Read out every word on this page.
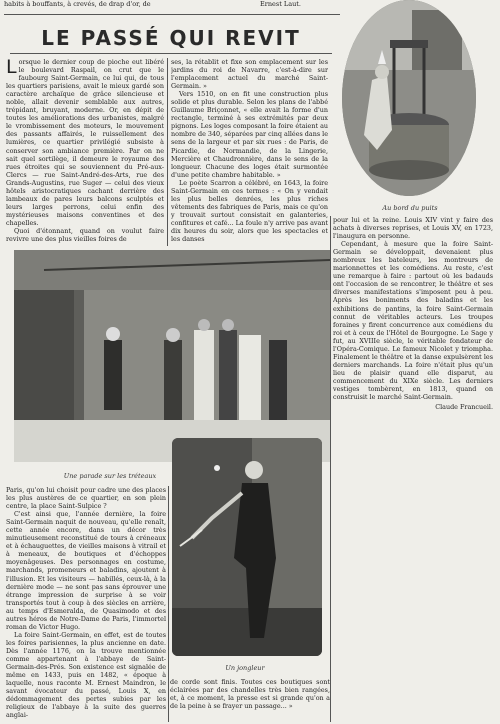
habits à bouffants, à crevés, de drap d'or, de	Ernest Laut.
LE PASSÉ QUI REVIT

Lorsque le dernier coup de pioche eut libéré le boulevard Raspail, on crut que le faubourg Saint-Germain, ce lui qui, de tous les quartiers parisiens, avait le mieux gardé son caractère archaïque de grâce silencieuse et noble, allait devenir semblable aux autres, trépidant, bruyant, moderne. Or, en dépit de toutes les améliorations des urbanistes, malgré le vrombissement des moteurs, le mouvement des passants affairés, le ruissellement des lumières, ce quartier privilégié subsiste à conserver son ambiance première. Par on ne sait quel sortilège, il demeure le royaume des rues étroites qui se souviennent du Pré-aux-Clercs — rue Saint-André-des-Arts, rue des Grands-Augustins, rue Suger — celui des vieux hôtels aristocratiques cachant derrière des lambeaux de pares leurs balcons sculptés et leurs larges perrons, celui enfin des mystérieuses maisons conventines et des chapelles.

Quoi d'étonnant, quand on voulut faire revivre une des plus vieilles foires de

ses, la rétablit et fixe son emplacement sur les jardins du roi de Navarre, c'est-à-dire sur l'emplacement actuel du marché Saint-Germain. »

Vers 1510, on en fit une construction plus solide et plus durable. Selon les plans de l'abbé Guillaume Briçonnet, « elle avait la forme d'un rectangle, terminé à ses extrémités par deux pignons. Les loges composant la foire étaient au nombre de 340, séparées par cinq allées dans le sens de la largeur et par six rues : de Paris, de Picardie, de Normandie, de la Lingerie, Mercière et Chaudronnière, dans le sens de la longueur. Chacune des loges était surmontée d'une petite chambre habitable. »

Le poète Scarron a célébré, en 1643, la foire Saint-Germain en ces termes : « On y vendait les plus belles denrées, les plus riches vêtements des fabriques de Paris, mais ce qu'on y trouvait surtout consistait en galanteries, confitures et café... La foule n'y arrive pas avant dix heures du soir, alors que les spectacles et les danses

Au bord du puits

pour lui et la reine. Louis XIV vint y faire des achats à diverses reprises, et Louis XV, en 1723, l'inaugura en personne.

Cependant, à mesure que la foire Saint-Germain se développait, devenaient plus nombreux les bateleurs, les montreurs de marionnettes et les comédiens. Au reste, c'est une remarque à faire : partout où les badauds ont l'occasion de se rencontrer, le théâtre et ses diverses manifestations s'imposent peu à peu. Après les boniments des baladins et les exhibitions de pantins, la foire Saint-Germain connut de véritables acteurs. Les troupes foraines y firent concurrence aux comédiens du roi et à ceux de l'Hôtel de Bourgogne. Le Sage y fut, au XVIIIe siècle, le véritable fondateur de l'Opéra-Comique. Le fameux Nicolet y triompha. Finalement le théâtre et la danse expulsèrent les derniers marchands. La foire n'était plus qu'un lieu de plaisir quand elle disparut, au commencement du XIXe siècle. Les derniers vestiges tombèrent, en 1813, quand on construisit le marché Saint-Germain.

Claude Francueil.
Une parade sur les tréteaux

Paris, qu'on lui choisit pour cadre une des places les plus austères de ce quartier, en son plein centre, la place Saint-Sulpice ?

C'est ainsi que, l'année dernière, la foire Saint-Germain naquit de nouveau, qu'elle renaît, cette année encore, dans un décor très minutieusement reconstitué de tours à créneaux et à échauguettes, de vieilles maisons à vitrail et à meneaux, de boutiques et d'échoppes moyenâgeuses. Des personnages en costume, marchands, promeneurs et baladins, ajoutent à l'illusion. Et les visiteurs — habillés, ceux-là, à la dernière mode — ne sont pas sans éprouver une étrange impression de surprise à se voir transportés tout à coup à des siècles en arrière, au temps d'Esmeralda, de Quasimodo et des autres héros de Notre-Dame de Paris, l'immortel roman de Victor Hugo.

La foire Saint-Germain, en effet, est de toutes les foires parisiennes, la plus ancienne en date. Dès l'année 1176, on la trouve mentionnée comme appartenant à l'abbaye de Saint-Germain-des-Prés. Son existence est signalée de même en 1433, puis en 1482, « époque à laquelle, nous raconte M. Ernest Maindron, le savant évocateur du passé, Louis X, en dédommagement des pertes subies par les religieux de l'abbaye à la suite des guerres anglai-

Un jongleur

de corde sont finis. Toutes ces boutiques sont éclairées par des chandelles très bien rangées, et, à ce moment, la presse est si grande qu'on a de la peine à se frayer un passage... »
